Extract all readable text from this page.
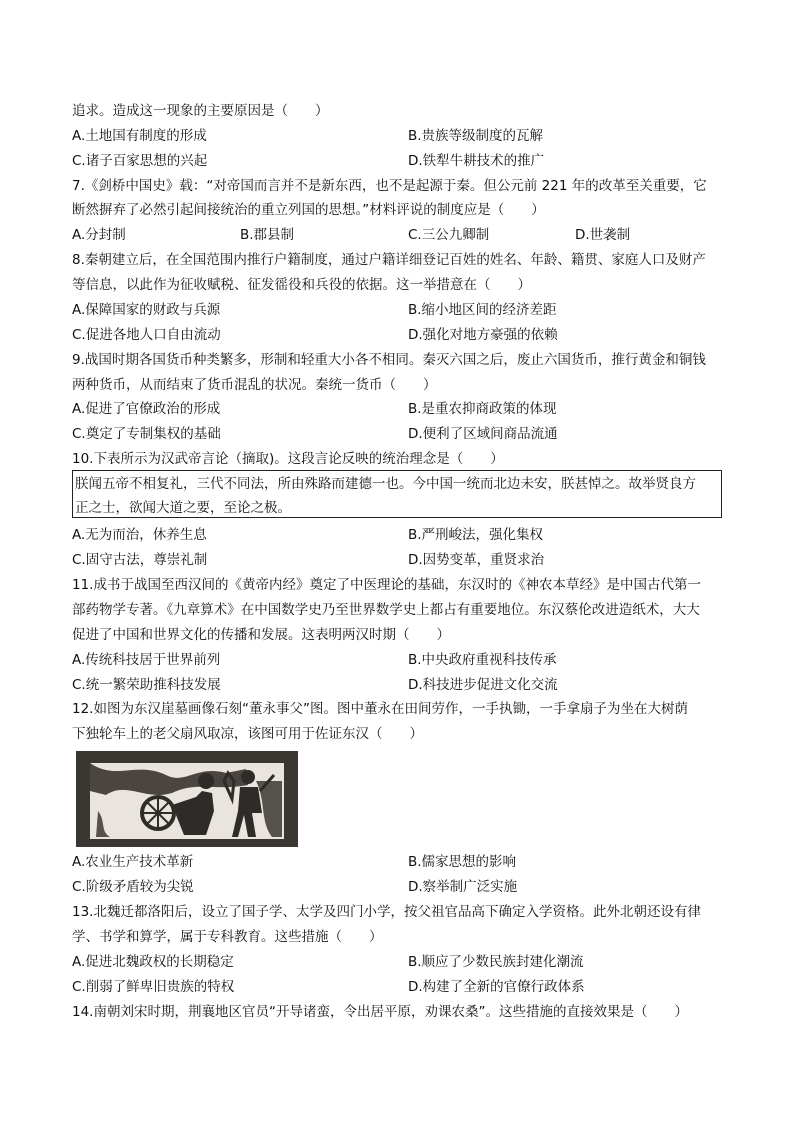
追求。造成这一现象的主要原因是（　　）
A.土地国有制度的形成	B.贵族等级制度的瓦解
C.诸子百家思想的兴起	D.铁犁牛耕技术的推广
7.《剑桥中国史》载：“对帝国而言并不是新东西，也不是起源于秦。但公元前 221 年的改革至关重要，它
断然摒弃了必然引起间接统治的重立列国的思想。”材料评说的制度应是（　　）
A.分封制	B.郡县制	C.三公九卿制	D.世袭制
8.秦朝建立后，在全国范围内推行户籍制度，通过户籍详细登记百姓的姓名、年龄、籍贯、家庭人口及财产
等信息，以此作为征收赋税、征发徭役和兵役的依据。这一举措意在（　　）
A.保障国家的财政与兵源	B.缩小地区间的经济差距
C.促进各地人口自由流动	D.强化对地方豪强的依赖
9.战国时期各国货币种类繁多，形制和轻重大小各不相同。秦灭六国之后，废止六国货币，推行黄金和铜钱
两种货币，从而结束了货币混乱的状况。秦统一货币（　　）
A.促进了官僚政治的形成	B.是重农抑商政策的体现
C.奠定了专制集权的基础	D.便利了区域间商品流通
10.下表所示为汉武帝言论（摘取)。这段言论反映的统治理念是（　　）
朕闻五帝不相复礼，三代不同法，所由殊路而建德一也。今中国一统而北边未安，朕甚悼之。故举贤良方
正之士，欲闻大道之要，至论之极。
A.无为而治，休养生息	B.严刑峻法，强化集权
C.固守古法，尊崇礼制	D.因势变革，重贤求治
11.成书于战国至西汉间的《黄帝内经》奠定了中医理论的基础，东汉时的《神农本草经》是中国古代第一
部药物学专著。《九章算术》在中国数学史乃至世界数学史上都占有重要地位。东汉蔡伦改进造纸术，大大
促进了中国和世界文化的传播和发展。这表明两汉时期（　　）
A.传统科技居于世界前列	B.中央政府重视科技传承
C.统一繁荣助推科技发展	D.科技进步促进文化交流
12.如图为东汉崖墓画像石刻“董永事父”图。图中董永在田间劳作，一手执锄，一手拿扇子为坐在大树荫
下独轮车上的老父扇风取凉，该图可用于佐证东汉（　　）
A.农业生产技术革新	B.儒家思想的影响
C.阶级矛盾较为尖锐	D.察举制广泛实施
13.北魏迁都洛阳后，设立了国子学、太学及四门小学，按父祖官品高下确定入学资格。此外北朝还设有律
学、书学和算学，属于专科教育。这些措施（　　）
A.促进北魏政权的长期稳定	B.顺应了少数民族封建化潮流
C.削弱了鲜卑旧贵族的特权	D.构建了全新的官僚行政体系
14.南朝刘宋时期，荆襄地区官员“开导诸蛮，令出居平原，劝课农桑”。这些措施的直接效果是（　　）
